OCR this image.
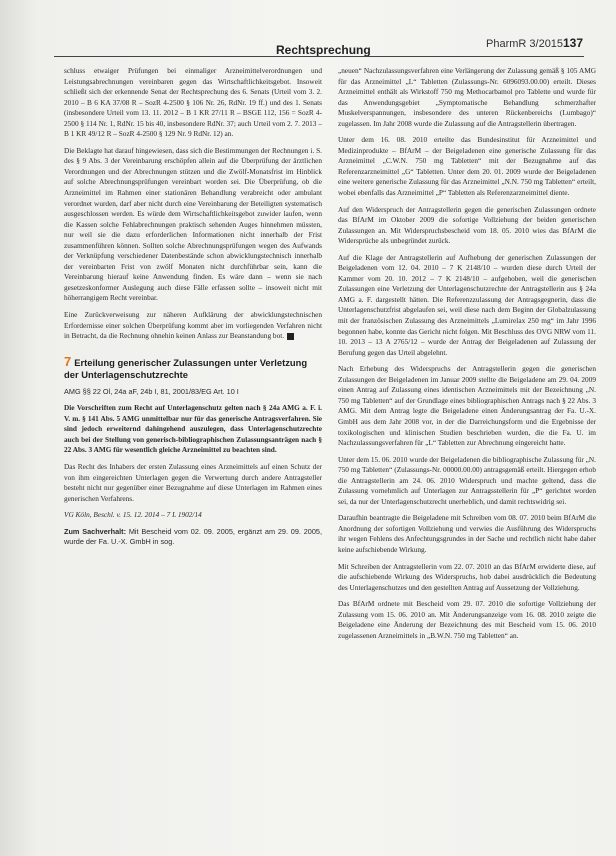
Rechtsprechung	PharmR 3/2015 137

schluss etwaiger Prüfungen bei einmaliger Arzneimittelverordnungen und Leistungsabrechnungen vereinbaren gegen das Wirtschaftlichkeitsgebot. Insoweit schließt sich der erkennende Senat der Rechtsprechung des 6. Senats (Urteil vom 3. 2. 2010 – B 6 KA 37/08 R – SozR 4-2500 § 106 Nr. 26, RdNr. 19 ff.) und des 1. Senats (insbesondere Urteil vom 13. 11. 2012 – B 1 KR 27/11 R – BSGE 112, 156 = SozR 4-2500 § 114 Nr. 1, RdNr. 15 bis 40, insbesondere RdNr. 37; auch Urteil vom 2. 7. 2013 – B 1 KR 49/12 R – SozR 4-2500 § 129 Nr. 9 RdNr. 12) an.

Die Beklagte hat darauf hingewiesen, dass sich die Bestimmungen der Rechnungen i. S. des § 9 Abs. 3 der Vereinbarung erschöpfen allein auf die Überprüfung der ärztlichen Verordnungen und der Abrechnungen stützen und die Zwölf-Monatsfrist im Hinblick auf solche Abrechnungsprüfungen vereinbart worden sei. Die Überprüfung, ob die Arzneimittel im Rahmen einer stationären Behandlung verabreicht oder ambulant verordnet wurden, darf aber nicht durch eine Vereinbarung der Beteiligten systematisch ausgeschlossen werden. Es würde dem Wirtschaftlichkeitsgebot zuwider laufen, wenn die Kassen solche Fehlabrechnungen praktisch sehenden Auges hinnehmen müssten, nur weil sie die dazu erforderlichen Informationen nicht innerhalb der Frist zusammenführen können. Sollten solche Abrechnungsprüfungen wegen des Aufwands der Verknüpfung verschiedener Datenbestände schon abwicklungstechnisch innerhalb der vereinbarten Frist von zwölf Monaten nicht durchführbar sein, kann die Vereinbarung hierauf keine Anwendung finden. Es wäre dann – wenn sie nach gesetzeskonformer Auslegung auch diese Fälle erfassen sollte – insoweit nicht mit höherrangigem Recht vereinbar.

Eine Zurückverweisung zur näheren Aufklärung der abwicklungstechnischen Erfordernisse einer solchen Überprüfung kommt aber im vorliegenden Verfahren nicht in Betracht, da die Rechnung ohnehin keinen Anlass zur Beanstandung bot.

7 Erteilung generischer Zulassungen unter Verletzung der Unterlagenschutzrechte
AMG §§ 22 Ol, 24a aF, 24b I, 81, 2001/83/EG Art. 10 I

Die Vorschriften zum Recht auf Unterlagenschutz gelten nach § 24a AMG a. F. i. V. m. § 141 Abs. 5 AMG unmittelbar nur für das generische Antragsverfahren. Sie sind jedoch erweiternd dahingehend auszulegen, dass Unterlagenschutzrechte auch bei der Stellung von generisch-bibliographischen Zulassungsanträgen nach § 22 Abs. 3 AMG für wesentlich gleiche Arzneimittel zu beachten sind.

Das Recht des Inhabers der ersten Zulassung eines Arzneimittels auf einen Schutz der von ihm eingereichten Unterlagen gegen die Verwertung durch andere Antragsteller besteht nicht nur gegenüber einer Bezugnahme auf diese Unterlagen im Rahmen eines generischen Verfahrens.

VG Köln, Beschl. v. 15. 12. 2014 – 7 L 1902/14

Zum Sachverhalt: Mit Bescheid vom 02. 09. 2005, ergänzt am 29. 09. 2005, wurde der Fa. U.-X. GmbH in sog.

„neuen“ Nachzulassungsverfahren eine Verlängerung der Zulassung gemäß § 105 AMG für das Arzneimittel „L“ Tabletten (Zulassungs-Nr. 6096093.00.00) erteilt. Dieses Arzneimittel enthält als Wirkstoff 750 mg Methocarbamol pro Tablette und wurde für das Anwendungsgebiet „Symptomatische Behandlung schmerzhafter Muskelverspannungen, insbesondere des unteren Rückenbereichs (Lumbago)“ zugelassen. Im Jahr 2008 wurde die Zulassung auf die Antragstellerin übertragen.

Unter dem 16. 08. 2010 erteilte das Bundesinstitut für Arzneimittel und Medizinprodukte – BfArM – der Beigeladenen eine generische Zulassung für das Arzneimittel „C.W.N. 750 mg Tabletten“ mit der Bezugnahme auf das Referenzarzneimittel „G“ Tabletten. Unter dem 20. 01. 2009 wurde der Beigeladenen eine weitere generische Zulassung für das Arzneimittel „N.N. 750 mg Tabletten“ erteilt, wobei ebenfalls das Arzneimittel „P“ Tabletten als Referenzarzneimittel diente.

Auf den Widerspruch der Antragstellerin gegen die generischen Zulassungen ordnete das BfArM im Oktober 2009 die sofortige Vollziehung der beiden generischen Zulassungen an. Mit Widerspruchsbescheid vom 18. 05. 2010 wies das BfArM die Widersprüche als unbegründet zurück.

Auf die Klage der Antragstellerin auf Aufhebung der generischen Zulassungen der Beigeladenen vom 12. 04. 2010 – 7 K 2148/10 – wurden diese durch Urteil der Kammer vom 20. 10. 2012 – 7 K 2148/10 – aufgehoben, weil die generischen Zulassungen eine Verletzung der Unterlagenschutzrechte der Antragstellerin aus § 24a AMG a. F. dargestellt hätten. Die Referenzzulassung der Antragsgegnerin, dass die Unterlagenschutzfrist abgelaufen sei, weil diese nach dem Beginn der Globalzulassung mit der französischen Zulassung des Arzneimittels „Lumirelax 250 mg“ im Jahr 1996 begonnen habe, konnte das Gericht nicht folgen. Mit Beschluss des OVG NRW vom 11. 10. 2013 – 13 A 2765/12 – wurde der Antrag der Beigeladenen auf Zulassung der Berufung gegen das Urteil abgelehnt.

Nach Erhebung des Widerspruchs der Antragstellerin gegen die generischen Zulassungen der Beigeladenen im Januar 2009 stellte die Beigeladene am 29. 04. 2009 einen Antrag auf Zulassung eines identischen Arzneimittels mit der Bezeichnung „N. 750 mg Tabletten“ auf der Grundlage eines bibliographischen Antrags nach § 22 Abs. 3 AMG. Mit dem Antrag legte die Beigeladene einen Änderungsantrag der Fa. U.-X. GmbH aus dem Jahr 2008 vor, in der die Darreichungsform und die Ergebnisse der toxikologischen und klinischen Studien beschrieben wurden, die die Fa. U. im Nachzulassungsverfahren für „L“ Tabletten zur Abrechnung eingereicht hatte.

Unter dem 15. 06. 2010 wurde der Beigeladenen die bibliographische Zulassung für „N. 750 mg Tabletten“ (Zulassungs-Nr. 00000.00.00) antragsgemäß erteilt. Hiergegen erhob die Antragstellerin am 24. 06. 2010 Widerspruch und machte geltend, dass die Zulassung vornehmlich auf Unterlagen zur Antragsstellerin für „P“ gerichtet worden sei, da nur der Unterlagenschutzrecht unerheblich, und damit rechtswidrig sei.

Daraufhin beantragte die Beigeladene mit Schreiben vom 08. 07. 2010 beim BfArM die Anordnung der sofortigen Vollziehung und verwies die Ausführung des Widerspruchs ihr wegen Fehlens des Anfechtungsgrundes in der Sache und rechtlich nicht habe daher keine aufschiebende Wirkung.

Mit Schreiben der Antragstellerin vom 22. 07. 2010 an das BfArM erwiderte diese, auf die aufschiebende Wirkung des Widerspruchs, hob dabei ausdrücklich die Bedeutung des Unterlagenschutzes und den gestellten Antrag auf Aussetzung der Vollziehung.

Das BfArM ordnete mit Bescheid vom 29. 07. 2010 die sofortige Vollziehung der Zulassung vom 15. 06. 2010 an. Mit Änderungsanzeige vom 16. 08. 2010 zeigte die Beigeladene eine Änderung der Bezeichnung des mit Bescheid vom 15. 06. 2010 zugelassenen Arzneimittels in „B.W.N. 750 mg Tabletten“ an.
